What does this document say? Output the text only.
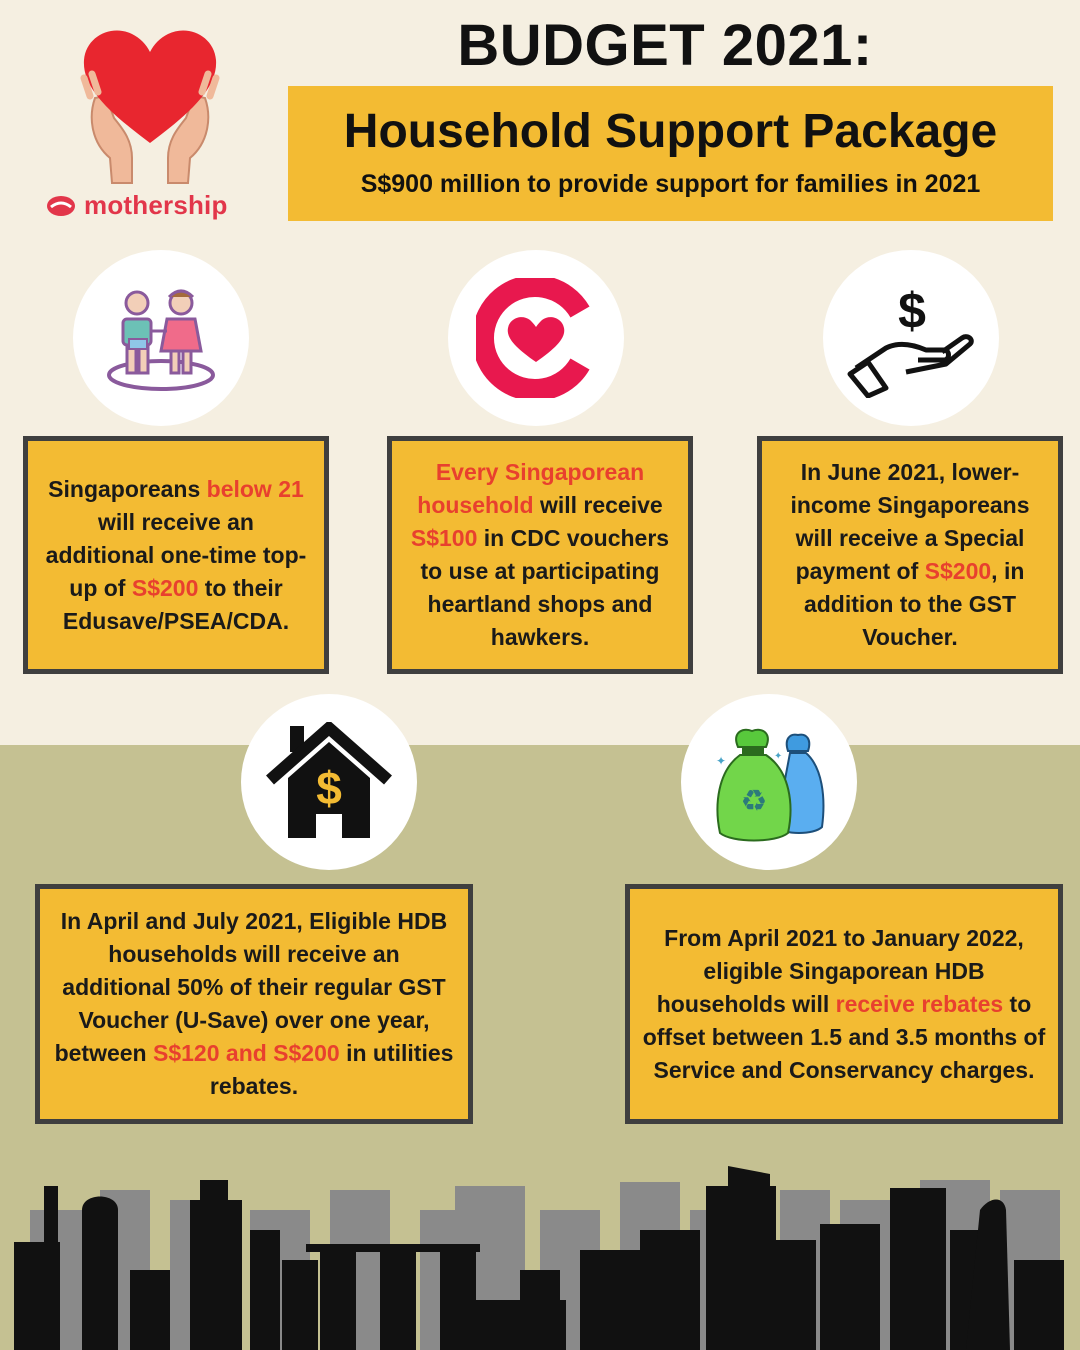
mothership
BUDGET 2021:
Household Support Package
S$900 million to provide support for families in 2021
$
$	♻
✦	✦

Singaporeans below 21 will receive an additional one-time top-up of S$200 to their Edusave/PSEA/CDA.

Every Singaporean household will receive S$100 in CDC vouchers to use at participating heartland shops and hawkers.

In June 2021, lower-income Singaporeans will receive a Special payment of S$200, in addition to the GST Voucher.

In April and July 2021, Eligible HDB households will receive an additional 50% of their regular GST Voucher (U-Save) over one year, between S$120 and S$200 in utilities rebates.

From April 2021 to January 2022, eligible Singaporean HDB households will receive rebates to offset between 1.5 and 3.5 months of Service and Conservancy charges.
